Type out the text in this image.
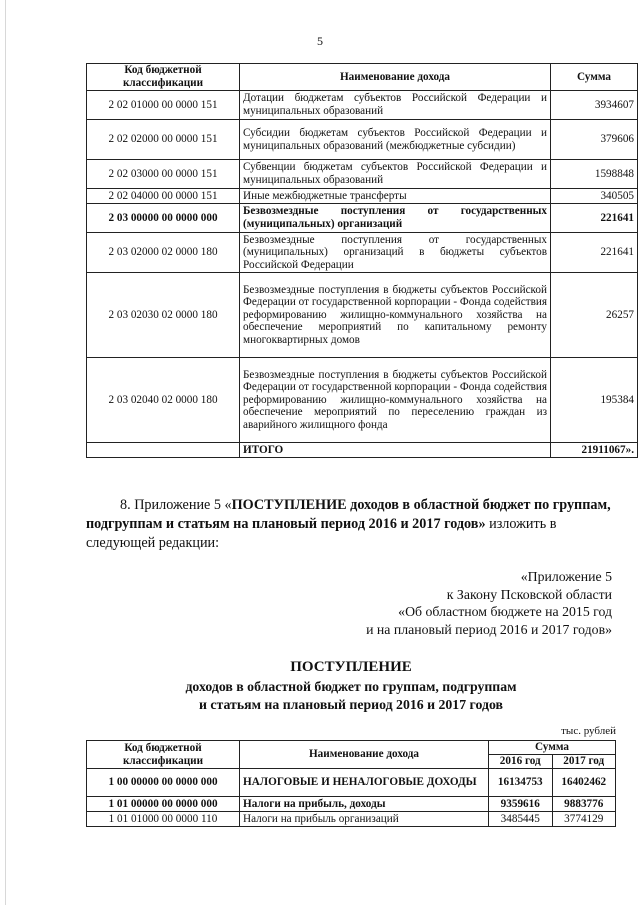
5
Код бюджетной классификации	Наименование дохода	Сумма
2 02 01000 00 0000 151	Дотации бюджетам субъектов Российской Федерации и муниципальных образований	3934607
2 02 02000 00 0000 151	Субсидии бюджетам субъектов Российской Федерации и муниципальных образований (межбюджетные субсидии)	379606
2 02 03000 00 0000 151	Субвенции бюджетам субъектов Российской Федерации и муниципальных образований	1598848
2 02 04000 00 0000 151	Иные межбюджетные трансферты	340505
2 03 00000 00 0000 000	Безвозмездные поступления от государственных (муниципальных) организаций	221641
2 03 02000 02 0000 180	Безвозмездные поступления от государственных (муниципальных) организаций в бюджеты субъектов Российской Федерации	221641
2 03 02030 02 0000 180	Безвозмездные поступления в бюджеты субъектов Российской Федерации от государственной корпорации - Фонда содействия реформированию жилищно-коммунального хозяйства на обеспечение мероприятий по капитальному ремонту многоквартирных домов	26257
2 03 02040 02 0000 180	Безвозмездные поступления в бюджеты субъектов Российской Федерации от государственной корпорации - Фонда содействия реформированию жилищно-коммунального хозяйства на обеспечение мероприятий по переселению граждан из аварийного жилищного фонда	195384
	ИТОГО	21911067».
8. Приложение 5 «ПОСТУПЛЕНИЕ доходов в областной бюджет по группам, подгруппам и статьям на плановый период 2016 и 2017 годов» изложить в следующей редакции:
«Приложение 5
к Закону Псковской области
«Об областном бюджете на 2015 год
и на плановый период 2016 и 2017 годов»
ПОСТУПЛЕНИЕ
доходов в областной бюджет по группам, подгруппам
и статьям на плановый период 2016 и 2017 годов
тыс. рублей
Код бюджетной классификации	Наименование дохода	Сумма	
		2016 год	2017 год
1 00 00000 00 0000 000	НАЛОГОВЫЕ И НЕНАЛОГОВЫЕ ДОХОДЫ	16134753	16402462
1 01 00000 00 0000 000	Налоги на прибыль, доходы	9359616	9883776
1 01 01000 00 0000 110	Налоги на прибыль организаций	3485445	3774129
